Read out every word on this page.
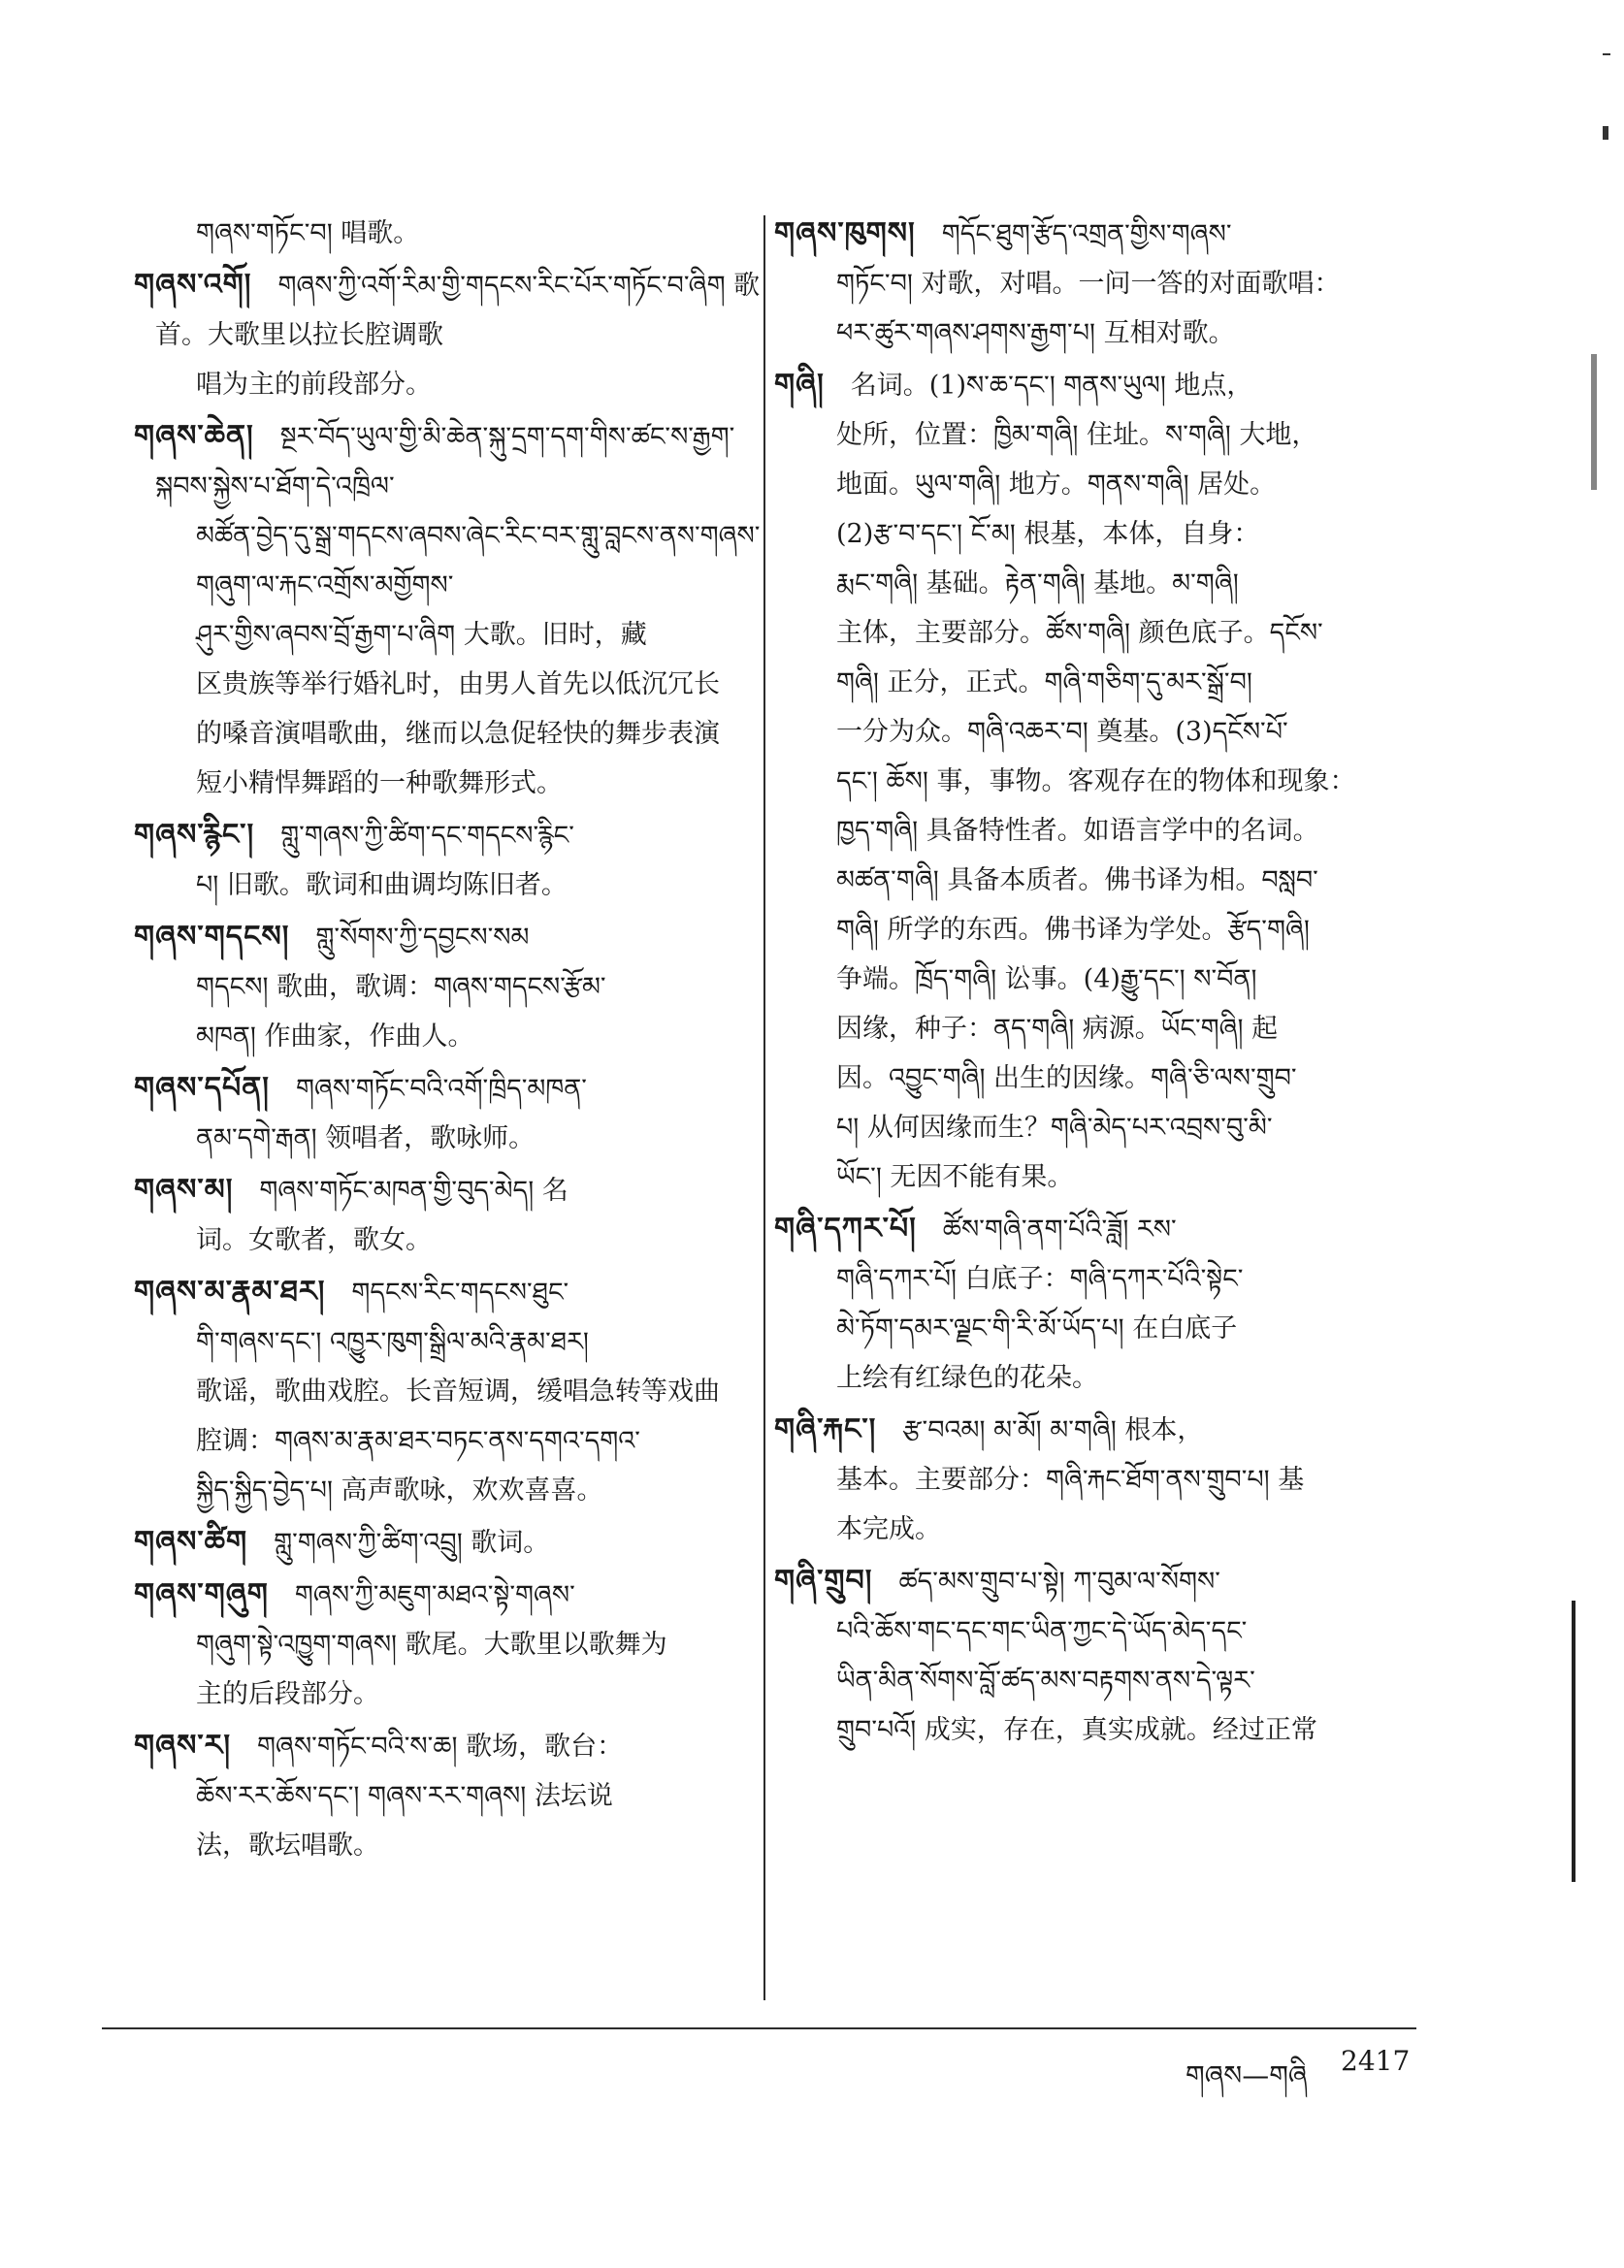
གཞས་གཏོང་བ། 唱歌。
གཞས་འགོ།  གཞས་ཀྱི་འགོ་རིམ་གྱི་གདངས་རིང་པོར་གཏོང་བ་ཞིག 歌首。大歌里以拉长腔调歌
唱为主的前段部分。
གཞས་ཆེན།  སྔར་བོད་ཡུལ་གྱི་མི་ཆེན་སྐུ་དྲག་དག་གིས་ཚང་ས་རྒྱག་སྐབས་སྐྱེས་པ་ཐོག་དེ་འཁྲིལ་
མཚོན་བྱེད་དུ་སྒྲ་གདངས་ཞབས་ཞེང་རིང་བར་གླུ་བླངས་ནས་གཞས་གཞུག་ལ་རྐང་འགྲོས་མགྱོགས་
ཤུར་གྱིས་ཞབས་བྲོ་རྒྱག་པ་ཞིག 大歌。旧时，藏
区贵族等举行婚礼时，由男人首先以低沉冗长
的嗓音演唱歌曲，继而以急促轻快的舞步表演
短小精悍舞蹈的一种歌舞形式。
གཞས་རྙིང་།  གླུ་གཞས་ཀྱི་ཚིག་དང་གདངས་རྙིང་
པ། 旧歌。歌词和曲调均陈旧者。
གཞས་གདངས།  གླུ་སོགས་ཀྱི་དབྱངས་སམ
གདངས། 歌曲，歌调：གཞས་གདངས་རྩོམ་
མཁན། 作曲家，作曲人。
གཞས་དཔོན།  གཞས་གཏོང་བའི་འགོ་ཁྲིད་མཁན་
ནམ་དགེ་རྒན། 领唱者，歌咏师。
གཞས་མ།  གཞས་གཏོང་མཁན་གྱི་བུད་མེད། 名
词。女歌者，歌女。
གཞས་མ་རྣམ་ཐར།  གདངས་རིང་གདངས་ཐུང་
གི་གཞས་དང་། འཁྱུར་ཁུག་སྒྲིལ་མའི་རྣམ་ཐར།
歌谣，歌曲戏腔。长音短调，缓唱急转等戏曲
腔调：གཞས་མ་རྣམ་ཐར་བཏང་ནས་དགའ་དགའ་
སྐྱིད་སྐྱིད་བྱེད་པ། 高声歌咏，欢欢喜喜。
གཞས་ཚིག  གླུ་གཞས་ཀྱི་ཚིག་འབྲུ། 歌词。
གཞས་གཞུག  གཞས་ཀྱི་མཇུག་མཐའ་སྟེ་གཞས་
གཞུག་སྟེ་འཁྱུག་གཞས། 歌尾。大歌里以歌舞为
主的后段部分。
གཞས་ར།  གཞས་གཏོང་བའི་ས་ཆ། 歌场，歌台：
ཆོས་རར་ཆོས་དང་། གཞས་རར་གཞས། 法坛说
法，歌坛唱歌。
གཞས་ཁུགས།  གདོང་ཐུག་རྩོད་འགྲན་གྱིས་གཞས་
གཏོང་བ། 对歌，对唱。一问一答的对面歌唱：
ཕར་ཚུར་གཞས་ཤགས་རྒྱག་པ། 互相对歌。
གཞི།  名词。(1)ས་ཆ་དང་། གནས་ཡུལ། 地点，
处所，位置：ཁྱིམ་གཞི། 住址。ས་གཞི། 大地，
地面。ཡུལ་གཞི། 地方。གནས་གཞི། 居处。
(2)རྩ་བ་དང་། ངོ་མ། 根基，本体，自身：
རྨང་གཞི། 基础。རྟེན་གཞི། 基地。མ་གཞི།
主体，主要部分。ཚོས་གཞི། 颜色底子。དངོས་
གཞི། 正分，正式。གཞི་གཅིག་དུ་མར་སྒྲོ་བ།
一分为众。གཞི་འཆར་བ། 奠基。(3)དངོས་པོ་
དང་། ཆོས། 事，事物。客观存在的物体和现象：
ཁྱད་གཞི། 具备特性者。如语言学中的名词。
མཚན་གཞི། 具备本质者。佛书译为相。བསླབ་
གཞི། 所学的东西。佛书译为学处。རྩོད་གཞི།
争端。ཁྲོད་གཞི། 讼事。(4)རྒྱུ་དང་། ས་བོན།
因缘，种子：ནད་གཞི། 病源。ཡོང་གཞི། 起
因。འབྱུང་གཞི། 出生的因缘。གཞི་ཅི་ལས་གྲུབ་
པ། 从何因缘而生？གཞི་མེད་པར་འབྲས་བུ་མི་
ཡོང་། 无因不能有果。
གཞི་དཀར་པོ།  ཚོས་གཞི་ནག་པོའི་ཟློ། རས་
གཞི་དཀར་པོ། 白底子：གཞི་དཀར་པོའི་སྟེང་
མེ་ཏོག་དམར་ལྗང་གི་རི་མོ་ཡོད་པ། 在白底子
上绘有红绿色的花朵。
གཞི་རྐང་།  རྩ་བའམ། མ་མོ། མ་གཞི། 根本，
基本。主要部分：གཞི་རྐང་ཐོག་ནས་གྲུབ་པ། 基
本完成。
གཞི་གྲུབ།  ཚད་མས་གྲུབ་པ་སྟེ། ཀ་བུམ་ལ་སོགས་
པའི་ཆོས་གང་དང་གང་ཡིན་ཀྱང་དེ་ཡོད་མེད་དང་
ཡིན་མིན་སོགས་བློ་ཚད་མས་བརྟགས་ནས་དེ་ལྟར་
གྲུབ་པའོ། 成实，存在，真实成就。经过正常
གཞས—གཞི 2417
